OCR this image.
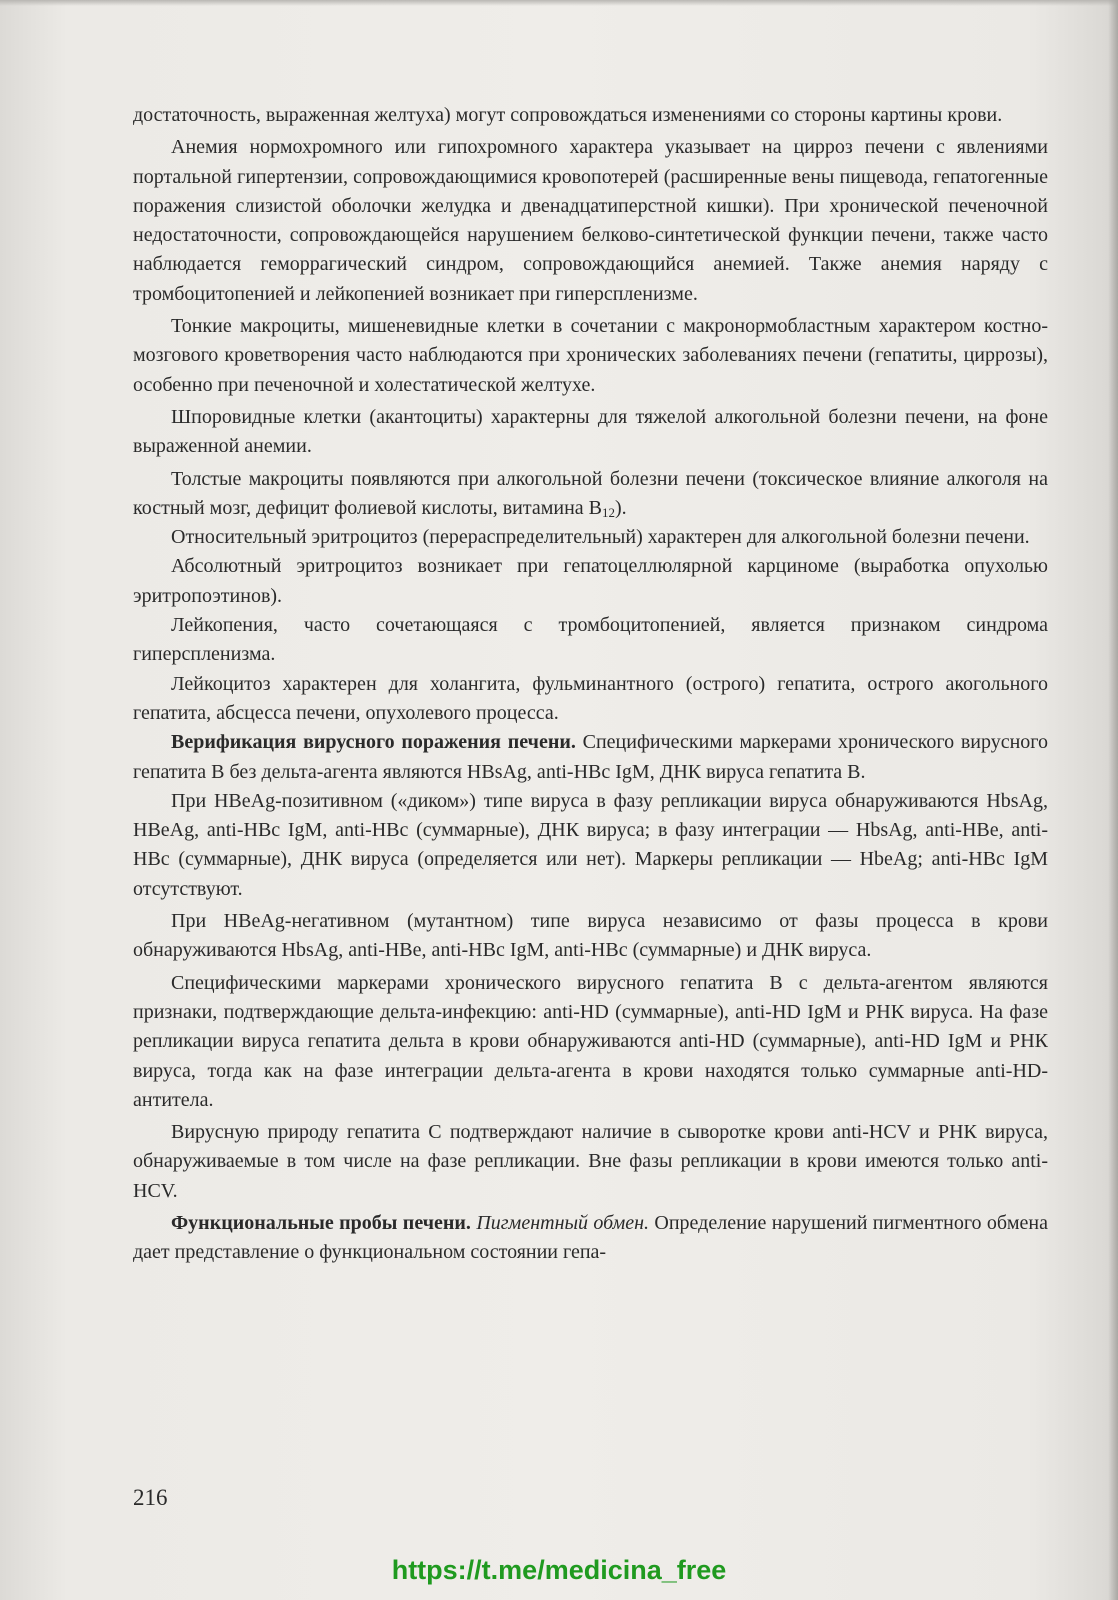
достаточность, выраженная желтуха) могут сопровождаться изменениями со стороны картины крови.

Анемия нормохромного или гипохромного характера указывает на цирроз печени с явлениями портальной гипертензии, сопровождающимися кровопотерей (расширенные вены пищевода, гепатогенные поражения слизистой оболочки желудка и двенадцатиперстной кишки). При хронической печеночной недостаточности, сопровождающейся нарушением белково-синтетической функции печени, также часто наблюдается геморрагический синдром, сопровождающийся анемией. Также анемия наряду с тромбоцитопенией и лейкопенией возникает при гиперспленизме.

Тонкие макроциты, мишеневидные клетки в сочетании с макронормобластным характером костно-мозгового кроветворения часто наблюдаются при хронических заболеваниях печени (гепатиты, циррозы), особенно при печеночной и холестатической желтухе.

Шпоровидные клетки (акантоциты) характерны для тяжелой алкогольной болезни печени, на фоне выраженной анемии.

Толстые макроциты появляются при алкогольной болезни печени (токсическое влияние алкоголя на костный мозг, дефицит фолиевой кислоты, витамина $B_{12}$).

Относительный эритроцитоз (перераспределительный) характерен для алкогольной болезни печени.

Абсолютный эритроцитоз возникает при гепатоцеллюлярной карциноме (выработка опухолью эритропоэтинов).

Лейкопения, часто сочетающаяся с тромбоцитопенией, является признаком синдрома гиперспленизма.

Лейкоцитоз характерен для холангита, фульминантного (острого) гепатита, острого акогольного гепатита, абсцесса печени, опухолевого процесса.

Верификация вирусного поражения печени. Специфическими маркерами хронического вирусного гепатита В без дельта-агента являются HBsAg, anti-HBc IgM, ДНК вируса гепатита В.

При HBeAg-позитивном («диком») типе вируса в фазу репликации вируса обнаруживаются HbsAg, HBeAg, anti-HBc IgM, anti-HBc (суммарные), ДНК вируса; в фазу интеграции — HbsAg, anti-HBe, anti-HBc (суммарные), ДНК вируса (определяется или нет). Маркеры репликации — HbeAg; anti-HBc IgM отсутствуют.

При HBeAg-негативном (мутантном) типе вируса независимо от фазы процесса в крови обнаруживаются HbsAg, anti-HBe, anti-HBc IgM, anti-HBc (суммарные) и ДНК вируса.

Специфическими маркерами хронического вирусного гепатита В с дельта-агентом являются признаки, подтверждающие дельта-инфекцию: anti-HD (суммарные), anti-HD IgM и РНК вируса. На фазе репликации вируса гепатита дельта в крови обнаруживаются anti-HD (суммарные), anti-HD IgM и РНК вируса, тогда как на фазе интеграции дельта-агента в крови находятся только суммарные anti-HD-антитела.

Вирусную природу гепатита С подтверждают наличие в сыворотке крови anti-HCV и РНК вируса, обнаруживаемые в том числе на фазе репликации. Вне фазы репликации в крови имеются только anti-HCV.

Функциональные пробы печени. Пигментный обмен. Определение нарушений пигментного обмена дает представление о функциональном состоянии гепа-

216
https://t.me/medicina_free
